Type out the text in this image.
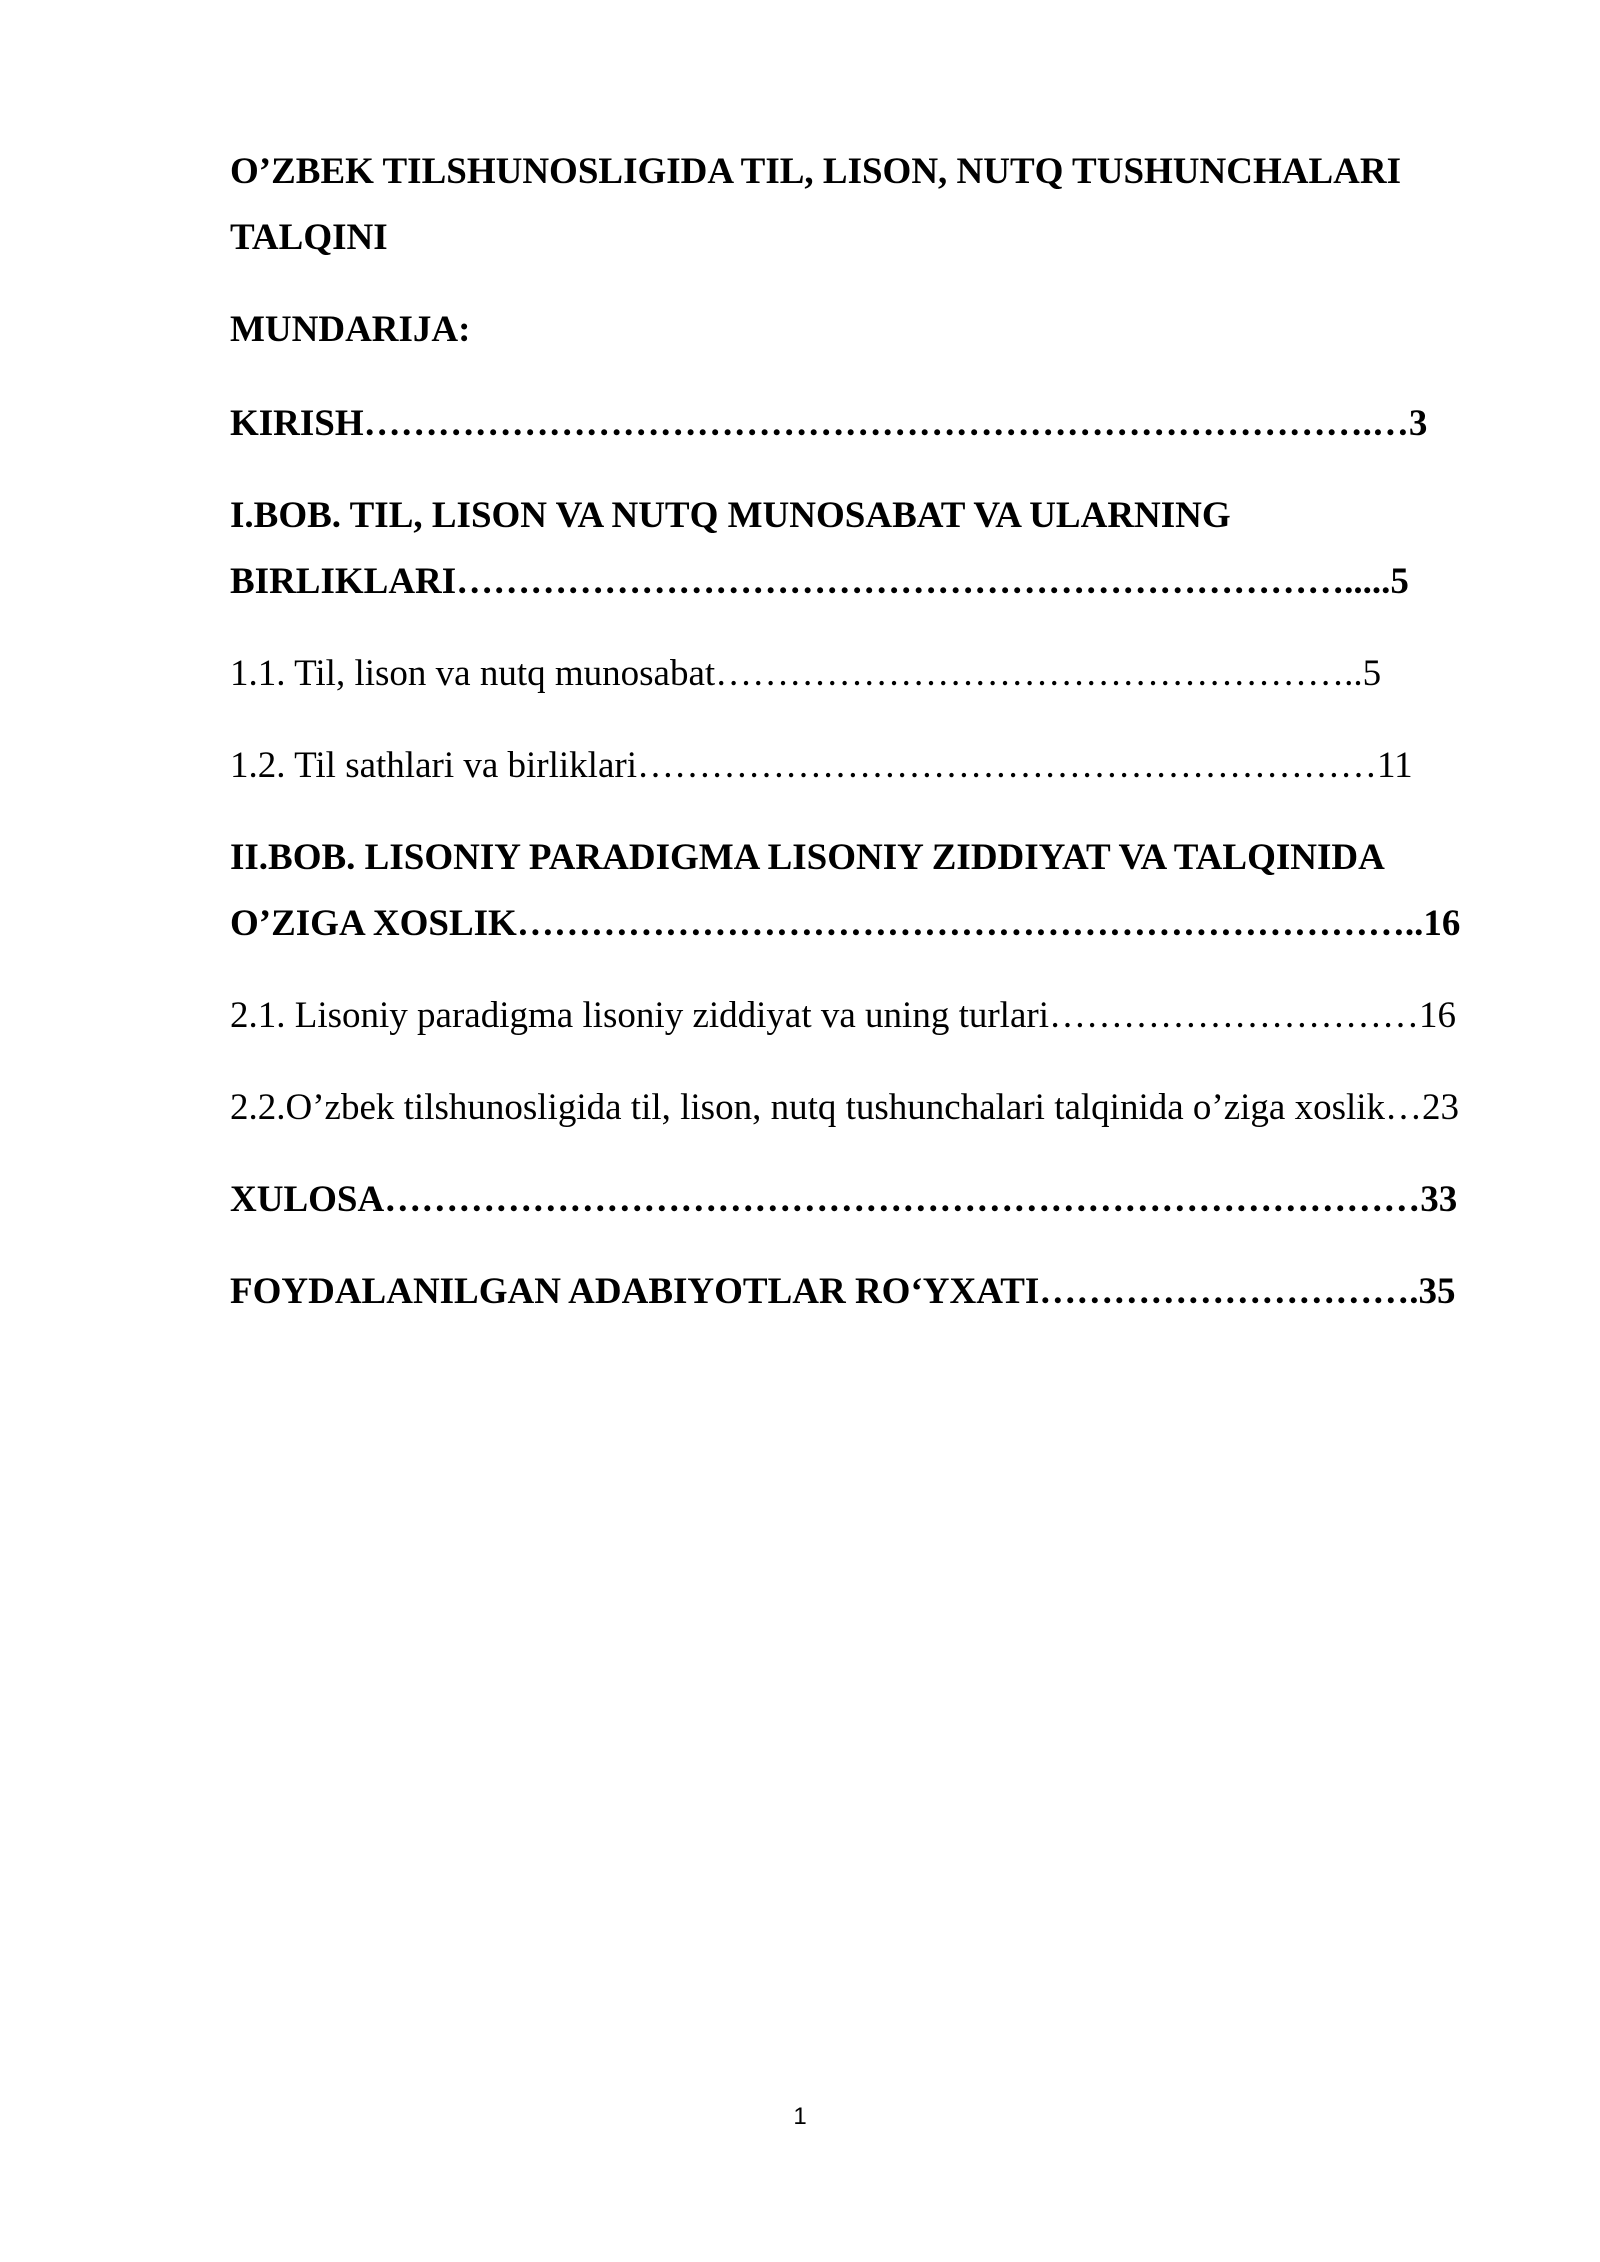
O’ZBEK TILSHUNOSLIGIDA TIL, LISON, NUTQ TUSHUNCHALARI
TALQINI
MUNDARIJA:
KIRISH……………………………………………………………………….…3
I.BOB. TIL, LISON VA NUTQ MUNOSABAT VA ULARNING
BIRLIKLARI……………………………………………………………….....5
1.1. Til, lison va nutq munosabat……………………………………………..5
1.2. Til sathlari va birliklari……………………………………………………11
II.BOB. LISONIY PARADIGMA LISONIY ZIDDIYAT VA TALQINIDA
O’ZIGA XOSLIK………………………………………………………………..16
2.1. Lisoniy paradigma lisoniy ziddiyat va uning turlari…………………………16
2.2.O’zbek tilshunosligida til, lison, nutq tushunchalari talqinida o’ziga xoslik…23
XULOSA…………………………………………………………………………33
FOYDALANILGAN ADABIYOTLAR RO‘YXATI………………………….35
1
